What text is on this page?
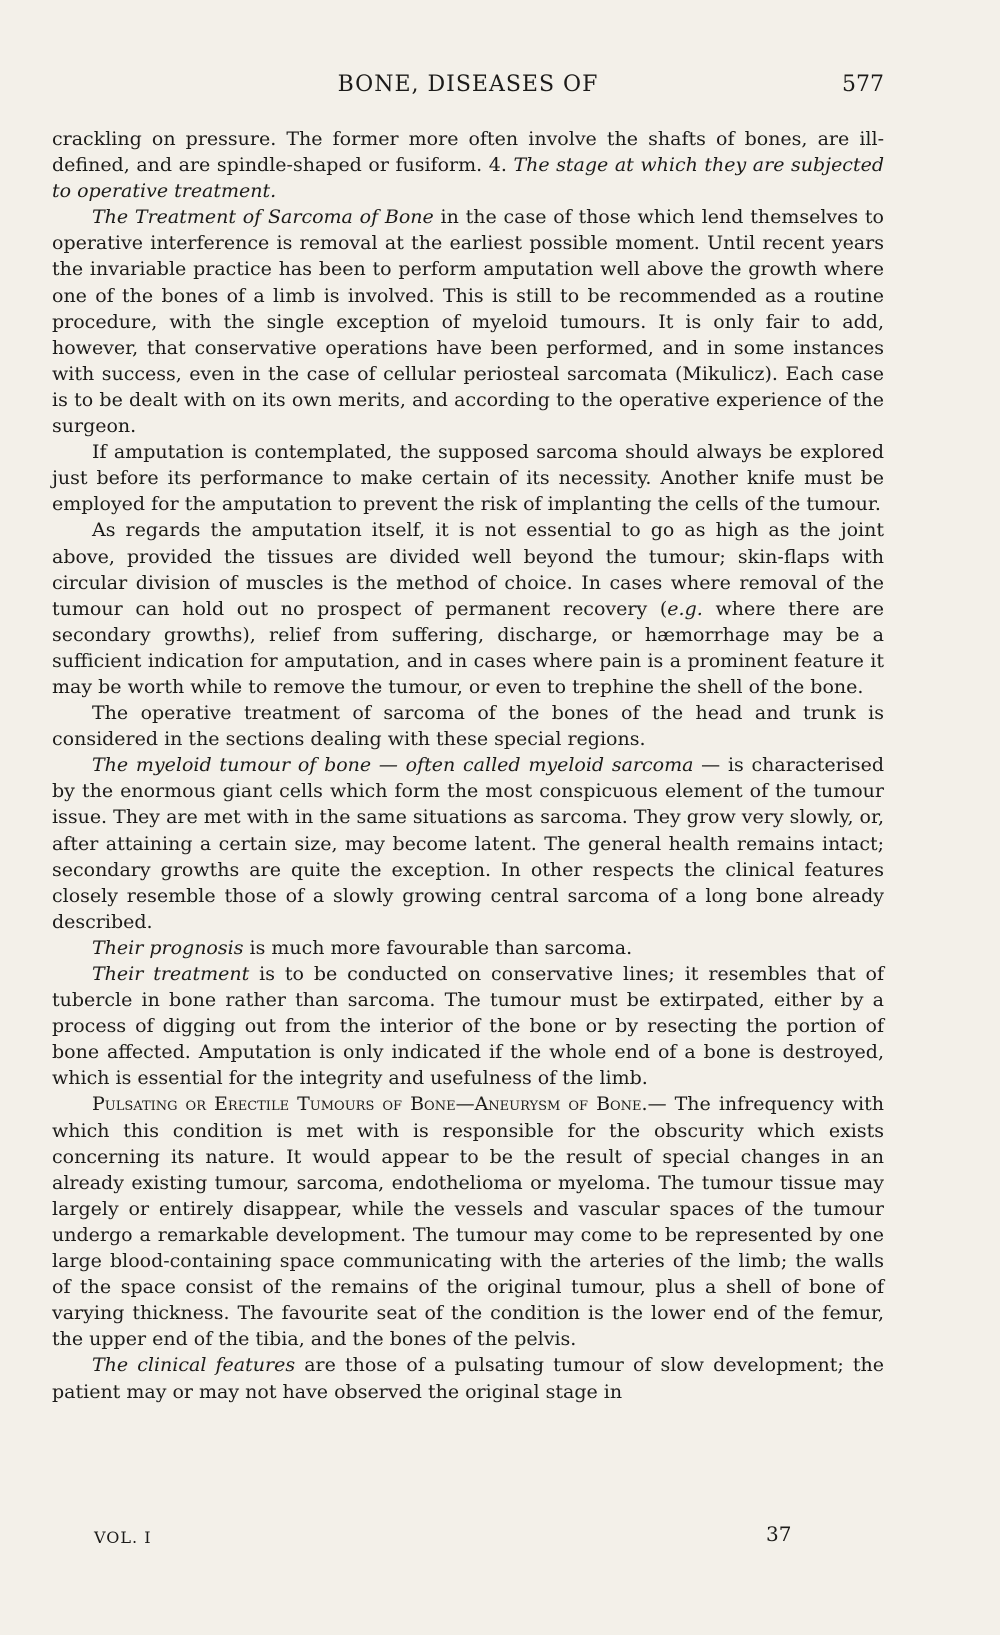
BONE, DISEASES OF	577

crackling on pressure. The former more often involve the shafts of bones, are ill-defined, and are spindle-shaped or fusiform. 4. The stage at which they are subjected to operative treatment.

The Treatment of Sarcoma of Bone in the case of those which lend themselves to operative interference is removal at the earliest possible moment. Until recent years the invariable practice has been to perform amputation well above the growth where one of the bones of a limb is involved. This is still to be recommended as a routine procedure, with the single exception of myeloid tumours. It is only fair to add, however, that conservative operations have been performed, and in some instances with success, even in the case of cellular periosteal sarcomata (Mikulicz). Each case is to be dealt with on its own merits, and according to the operative experience of the surgeon.

If amputation is contemplated, the supposed sarcoma should always be explored just before its performance to make certain of its necessity. Another knife must be employed for the amputation to prevent the risk of implanting the cells of the tumour.

As regards the amputation itself, it is not essential to go as high as the joint above, provided the tissues are divided well beyond the tumour; skin-flaps with circular division of muscles is the method of choice. In cases where removal of the tumour can hold out no prospect of permanent recovery (e.g. where there are secondary growths), relief from suffering, discharge, or hæmorrhage may be a sufficient indication for amputation, and in cases where pain is a prominent feature it may be worth while to remove the tumour, or even to trephine the shell of the bone.

The operative treatment of sarcoma of the bones of the head and trunk is considered in the sections dealing with these special regions.

The myeloid tumour of bone — often called myeloid sarcoma — is characterised by the enormous giant cells which form the most conspicuous element of the tumour issue. They are met with in the same situations as sarcoma. They grow very slowly, or, after attaining a certain size, may become latent. The general health remains intact; secondary growths are quite the exception. In other respects the clinical features closely resemble those of a slowly growing central sarcoma of a long bone already described.

Their prognosis is much more favourable than sarcoma.

Their treatment is to be conducted on conservative lines; it resembles that of tubercle in bone rather than sarcoma. The tumour must be extirpated, either by a process of digging out from the interior of the bone or by resecting the portion of bone affected. Amputation is only indicated if the whole end of a bone is destroyed, which is essential for the integrity and usefulness of the limb.

Pulsating or Erectile Tumours of Bone—Aneurysm of Bone.— The infrequency with which this condition is met with is responsible for the obscurity which exists concerning its nature. It would appear to be the result of special changes in an already existing tumour, sarcoma, endothelioma or myeloma. The tumour tissue may largely or entirely disappear, while the vessels and vascular spaces of the tumour undergo a remarkable development. The tumour may come to be represented by one large blood-containing space communicating with the arteries of the limb; the walls of the space consist of the remains of the original tumour, plus a shell of bone of varying thickness. The favourite seat of the condition is the lower end of the femur, the upper end of the tibia, and the bones of the pelvis.

The clinical features are those of a pulsating tumour of slow development; the patient may or may not have observed the original stage in

VOL. I	37
